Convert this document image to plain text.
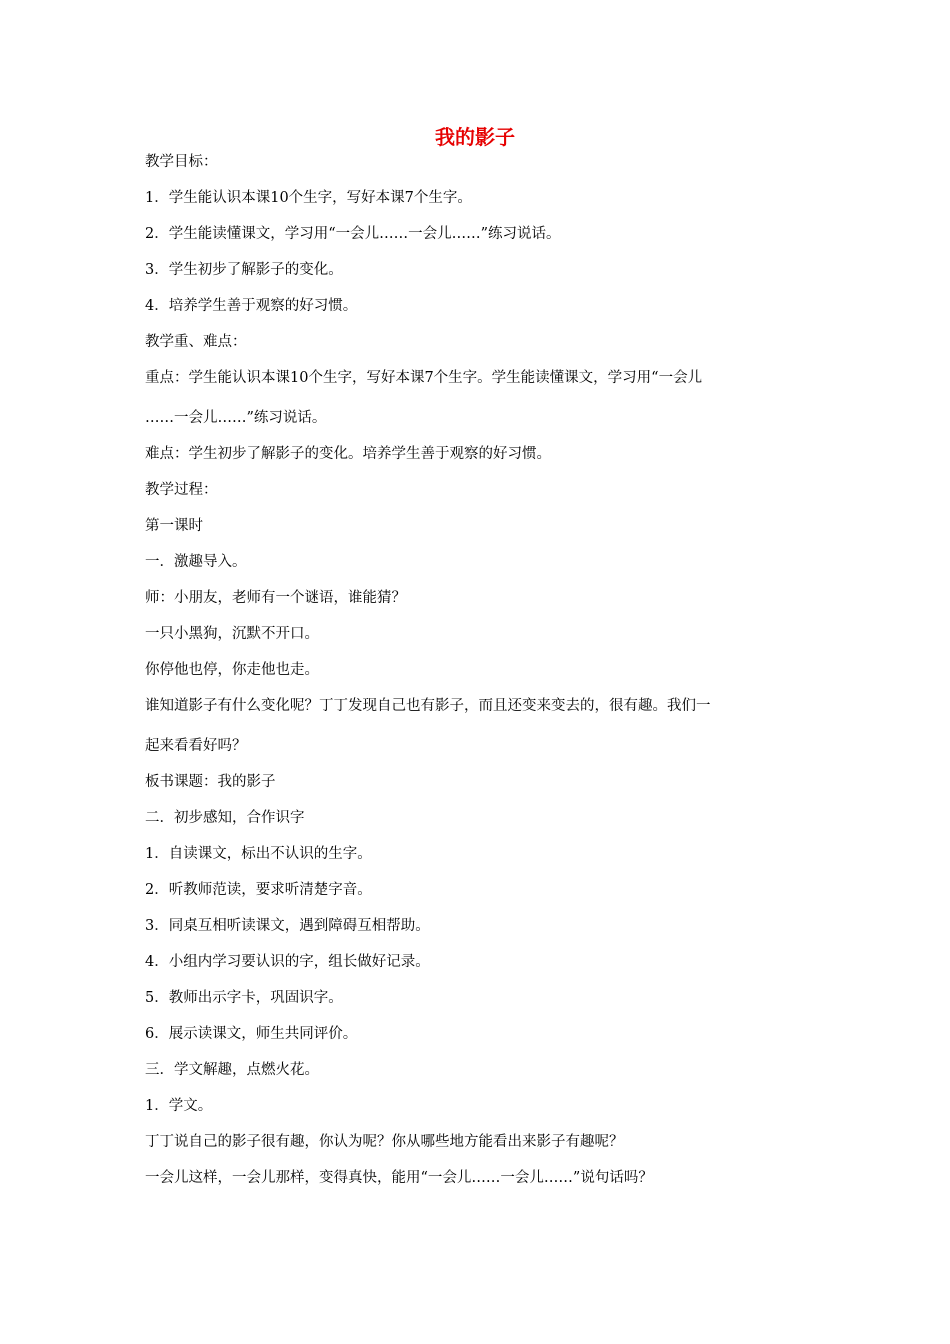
我的影子

教学目标：

1．学生能认识本课10个生字，写好本课7个生字。

2．学生能读懂课文，学习用“一会儿……一会儿……”练习说话。

3．学生初步了解影子的变化。

4．培养学生善于观察的好习惯。

教学重、难点：

重点：学生能认识本课10个生字，写好本课7个生字。学生能读懂课文，学习用“一会儿

……一会儿……”练习说话。

难点：学生初步了解影子的变化。培养学生善于观察的好习惯。

教学过程：

第一课时

一．激趣导入。

师：小朋友，老师有一个谜语，谁能猜？

一只小黑狗，沉默不开口。

你停他也停，你走他也走。

谁知道影子有什么变化呢？丁丁发现自己也有影子，而且还变来变去的，很有趣。我们一

起来看看好吗？

板书课题：我的影子

二．初步感知，合作识字

1．自读课文，标出不认识的生字。

2．听教师范读，要求听清楚字音。

3．同桌互相听读课文，遇到障碍互相帮助。

4．小组内学习要认识的字，组长做好记录。

5．教师出示字卡，巩固识字。

6．展示读课文，师生共同评价。

三．学文解趣，点燃火花。

1．学文。

丁丁说自己的影子很有趣，你认为呢？你从哪些地方能看出来影子有趣呢？

一会儿这样，一会儿那样，变得真快，能用“一会儿……一会儿……”说句话吗？
